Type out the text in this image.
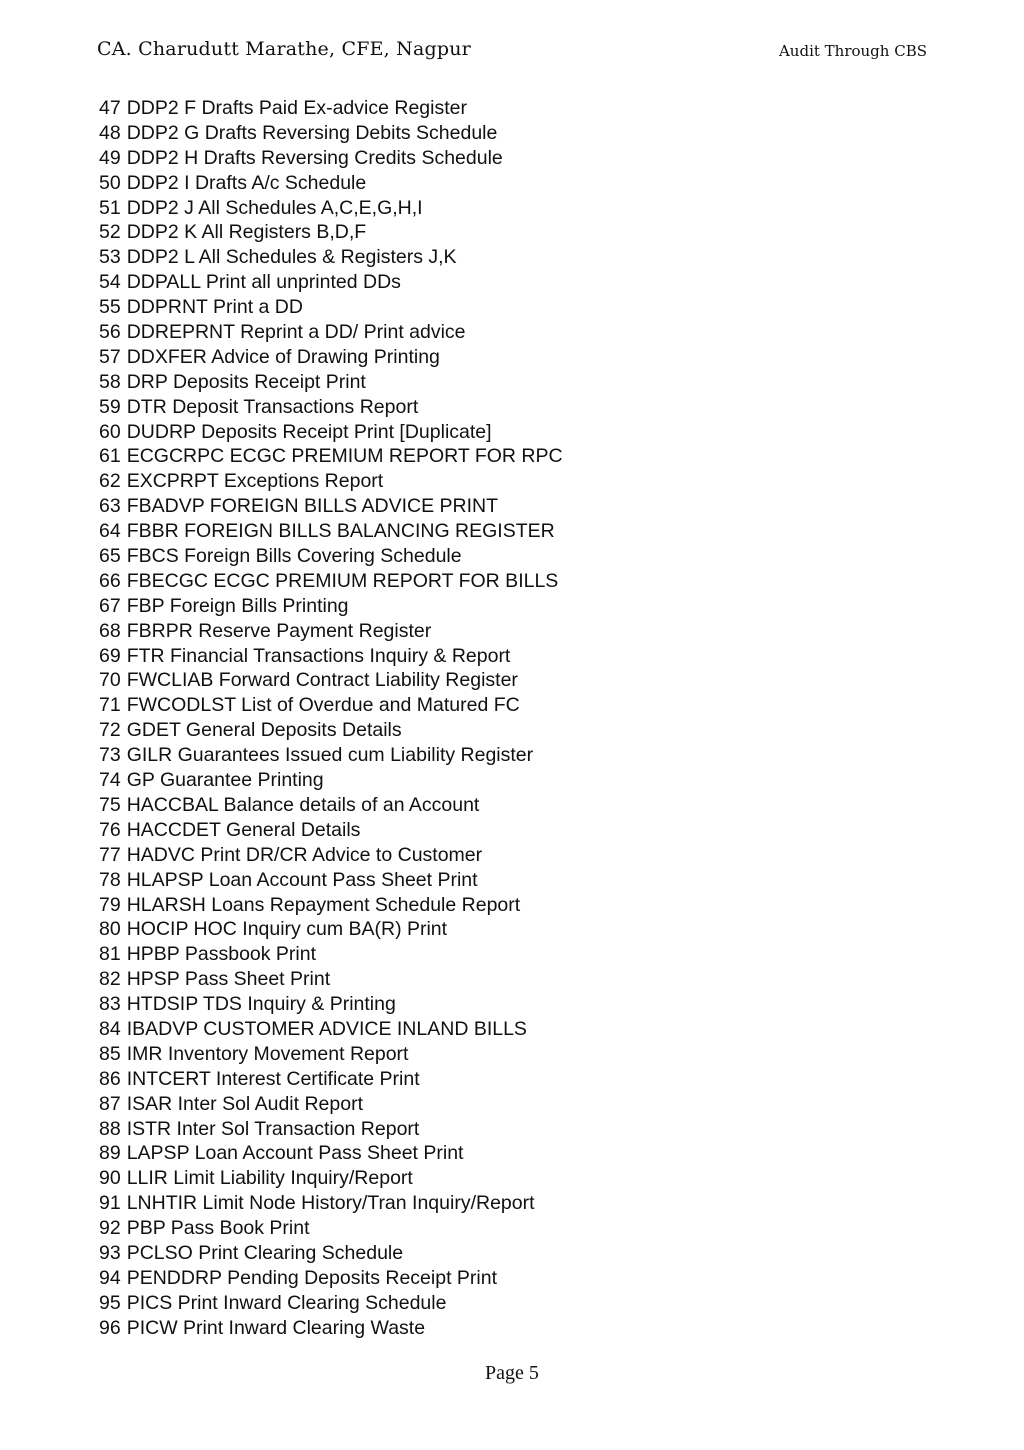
CA. Charudutt Marathe, CFE, Nagpur	Audit Through CBS
47 DDP2 F Drafts Paid Ex-advice Register
48 DDP2 G Drafts Reversing Debits Schedule
49 DDP2 H Drafts Reversing Credits Schedule
50 DDP2 I Drafts A/c Schedule
51 DDP2 J All Schedules A,C,E,G,H,I
52 DDP2 K All Registers B,D,F
53 DDP2 L All Schedules & Registers J,K
54 DDPALL Print all unprinted DDs
55 DDPRNT Print a DD
56 DDREPRNT Reprint a DD/ Print advice
57 DDXFER Advice of Drawing Printing
58 DRP Deposits Receipt Print
59 DTR Deposit Transactions Report
60 DUDRP Deposits Receipt Print [Duplicate]
61 ECGCRPC ECGC PREMIUM REPORT FOR RPC
62 EXCPRPT Exceptions Report
63 FBADVP FOREIGN BILLS ADVICE PRINT
64 FBBR FOREIGN BILLS BALANCING REGISTER
65 FBCS Foreign Bills Covering Schedule
66 FBECGC ECGC PREMIUM REPORT FOR BILLS
67 FBP Foreign Bills Printing
68 FBRPR Reserve Payment Register
69 FTR Financial Transactions Inquiry & Report
70 FWCLIAB Forward Contract Liability Register
71 FWCODLST List of Overdue and Matured FC
72 GDET General Deposits Details
73 GILR Guarantees Issued cum Liability Register
74 GP Guarantee Printing
75 HACCBAL Balance details of an Account
76 HACCDET General Details
77 HADVC Print DR/CR Advice to Customer
78 HLAPSP Loan Account Pass Sheet Print
79 HLARSH Loans Repayment Schedule Report
80 HOCIP HOC Inquiry cum BA(R) Print
81 HPBP Passbook Print
82 HPSP Pass Sheet Print
83 HTDSIP TDS Inquiry & Printing
84 IBADVP CUSTOMER ADVICE INLAND BILLS
85 IMR Inventory Movement Report
86 INTCERT Interest Certificate Print
87 ISAR Inter Sol Audit Report
88 ISTR Inter Sol Transaction Report
89 LAPSP Loan Account Pass Sheet Print
90 LLIR Limit Liability Inquiry/Report
91 LNHTIR Limit Node History/Tran Inquiry/Report
92 PBP Pass Book Print
93 PCLSO Print Clearing Schedule
94 PENDDRP Pending Deposits Receipt Print
95 PICS Print Inward Clearing Schedule
96 PICW Print Inward Clearing Waste
Page 5
